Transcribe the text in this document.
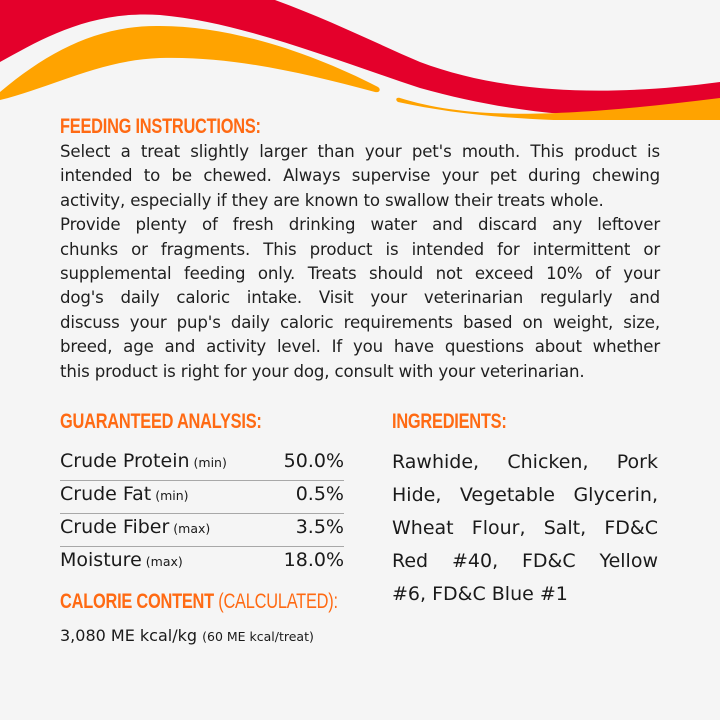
FEEDING INSTRUCTIONS:
Select a treat slightly larger than your pet's mouth. This product is
intended to be chewed. Always supervise your pet during chewing
activity, especially if they are known to swallow their treats whole.
Provide plenty of fresh drinking water and discard any leftover
chunks or fragments. This product is intended for intermittent or
supplemental feeding only. Treats should not exceed 10% of your
dog's daily caloric intake. Visit your veterinarian regularly and
discuss your pup's daily caloric requirements based on weight, size,
breed, age and activity level. If you have questions about whether
this product is right for your dog, consult with your veterinarian.
GUARANTEED ANALYSIS:
Crude Protein (min)	50.0%
Crude Fat (min)	0.5%
Crude Fiber (max)	3.5%
Moisture (max)	18.0%
CALORIE CONTENT (CALCULATED):
3,080 ME kcal/kg (60 ME kcal/treat)
INGREDIENTS:
Rawhide, Chicken, Pork
Hide, Vegetable Glycerin,
Wheat Flour, Salt, FD&C
Red #40, FD&C Yellow
#6, FD&C Blue #1
